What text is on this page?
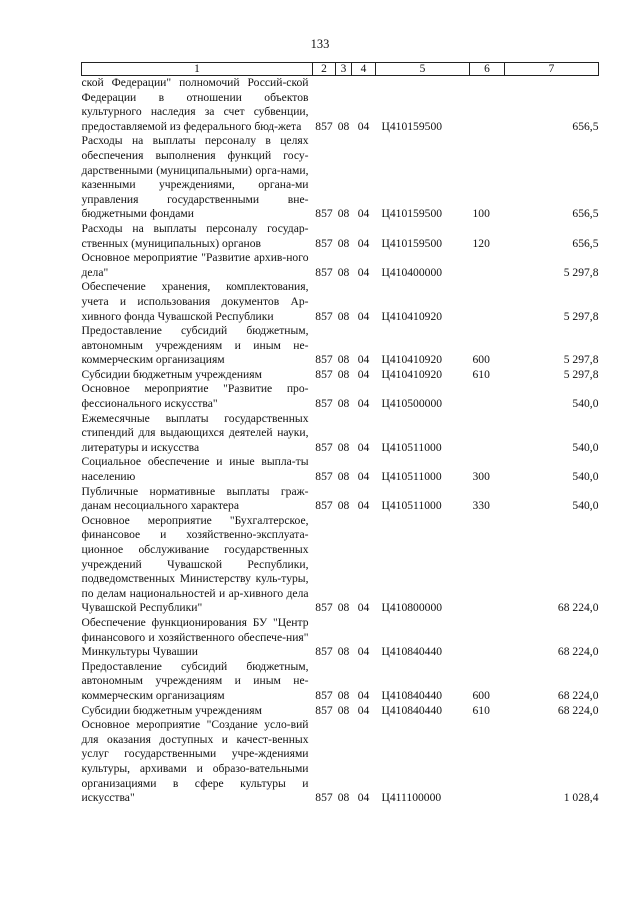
133
1	2	3	4	5	6	7
ской Федерации" полномочий Россий-ской Федерации в отношении объектов культурного наследия за счет субвенции, предоставляемой из федерального бюд-жета	857	08	04	Ц410159500		656,5
Расходы на выплаты персоналу в целях обеспечения выполнения функций госу-дарственными (муниципальными) орга-нами, казенными учреждениями, органа-ми управления государственными вне-бюджетными фондами	857	08	04	Ц410159500	100	656,5
Расходы на выплаты персоналу государ-ственных (муниципальных) органов	857	08	04	Ц410159500	120	656,5
Основное мероприятие "Развитие архив-ного дела"	857	08	04	Ц410400000		5 297,8
Обеспечение хранения, комплектования, учета и использования документов Ар-хивного фонда Чувашской Республики	857	08	04	Ц410410920		5 297,8
Предоставление субсидий бюджетным, автономным учреждениям и иным не-коммерческим организациям	857	08	04	Ц410410920	600	5 297,8
Субсидии бюджетным учреждениям	857	08	04	Ц410410920	610	5 297,8
Основное мероприятие "Развитие про-фессионального искусства"	857	08	04	Ц410500000		540,0
Ежемесячные выплаты государственных стипендий для выдающихся деятелей науки, литературы и искусства	857	08	04	Ц410511000		540,0
Социальное обеспечение и иные выпла-ты населению	857	08	04	Ц410511000	300	540,0
Публичные нормативные выплаты граж-данам несоциального характера	857	08	04	Ц410511000	330	540,0
Основное мероприятие "Бухгалтерское, финансовое и хозяйственно-эксплуата-ционное обслуживание государственных учреждений Чувашской Республики, подведомственных Министерству куль-туры, по делам национальностей и ар-хивного дела Чувашской Республики"	857	08	04	Ц410800000		68 224,0
Обеспечение функционирования БУ "Центр финансового и хозяйственного обеспече-ния" Минкультуры Чувашии	857	08	04	Ц410840440		68 224,0
Предоставление субсидий бюджетным, автономным учреждениям и иным не-коммерческим организациям	857	08	04	Ц410840440	600	68 224,0
Субсидии бюджетным учреждениям	857	08	04	Ц410840440	610	68 224,0
Основное мероприятие "Создание усло-вий для оказания доступных и качест-венных услуг государственными учре-ждениями культуры, архивами и образо-вательными организациями в сфере культуры и искусства"	857	08	04	Ц411100000		1 028,4
